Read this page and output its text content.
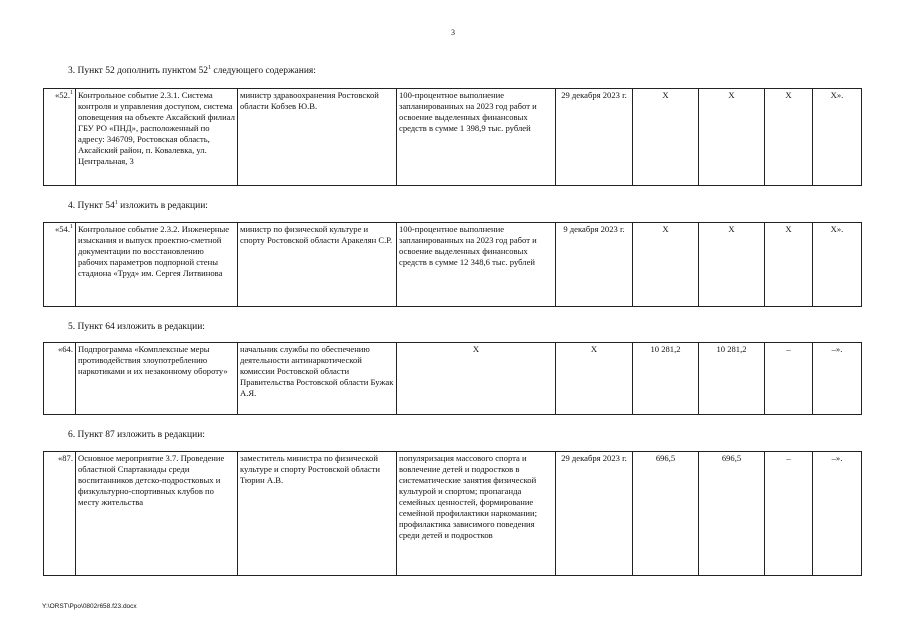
3
3. Пункт 52 дополнить пунктом $52^1$ следующего содержания:
«52.$^1$	Контрольное событие 2.3.1. Система контроля и управления доступом, система оповещения на объекте Аксайский филиал ГБУ РО «ПНД», расположенный по адресу: 346709, Ростовская область, Аксайский район, п. Ковалевка, ул. Центральная, 3	министр здравоохранения Ростовской области Кобзев Ю.В.	100-процентное выполнение запланированных на 2023 год работ и освоение выделенных финансовых средств в сумме 1 398,9 тыс. рублей	29 декабря 2023 г.	Х	Х	Х	Х».
4. Пункт $54^1$ изложить в редакции:
«54.$^1$	Контрольное событие 2.3.2. Инженерные изыскания и выпуск проектно-сметной документации по восстановлению рабочих параметров подпорной стены стадиона «Труд» им. Сергея Литвинова	министр по физической культуре и спорту Ростовской области Аракелян С.Р.	100-процентное выполнение запланированных на 2023 год работ и освоение выделенных финансовых средств в сумме 12 348,6 тыс. рублей	9 декабря 2023 г.	Х	Х	Х	Х».
5. Пункт 64 изложить в редакции:
«64.	Подпрограмма «Комплексные меры противодействия злоупотреблению наркотиками и их незаконному обороту»	начальник службы по обеспечению деятельности антинаркотической комиссии Ростовской области Правительства Ростовской области Бужак А.Я.	Х	Х	10 281,2	10 281,2	–	–».
6. Пункт 87 изложить в редакции:
«87.	Основное мероприятие 3.7. Проведение областной Спартакиады среди воспитанников детско-подростковых и физкультурно-спортивных клубов по месту жительства	заместитель министра по физической культуре и спорту Ростовской области Тюрин А.В.	популяризация массового спорта и вовлечение детей и подростков в систематические занятия физической культурой и спортом; пропаганда семейных ценностей, формирование семейной профилактики наркомании; профилактика зависимого поведения среди детей и подростков	29 декабря 2023 г.	696,5	696,5	–	–».
Y:\ORST\Ppo\0802r658.f23.docx
